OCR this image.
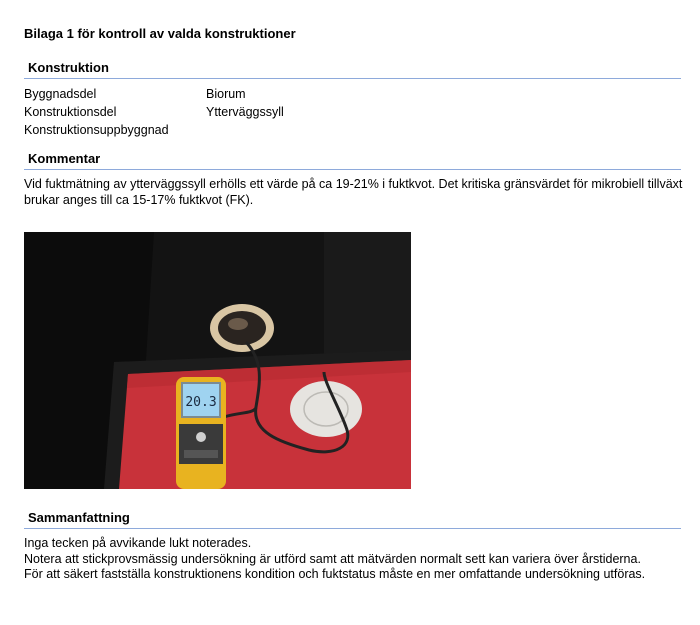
Bilaga 1 för kontroll av valda konstruktioner
Konstruktion
Byggnadsdel	Biorum
Konstruktionsdel	Ytterväggssyll
Konstruktionsuppbyggnad
Kommentar
Vid fuktmätning av ytterväggssyll erhölls ett värde på ca 19-21% i fuktkvot. Det kritiska gränsvärdet för mikrobiell tillväxt brukar anges till ca 15-17% fuktkvot (FK).
20.3
Sammanfattning
Inga tecken på avvikande lukt noterades.
Notera att stickprovsmässig undersökning är utförd samt att mätvärden normalt sett kan variera över årstiderna.
För att säkert fastställa konstruktionens kondition och fuktstatus måste en mer omfattande undersökning utföras.
